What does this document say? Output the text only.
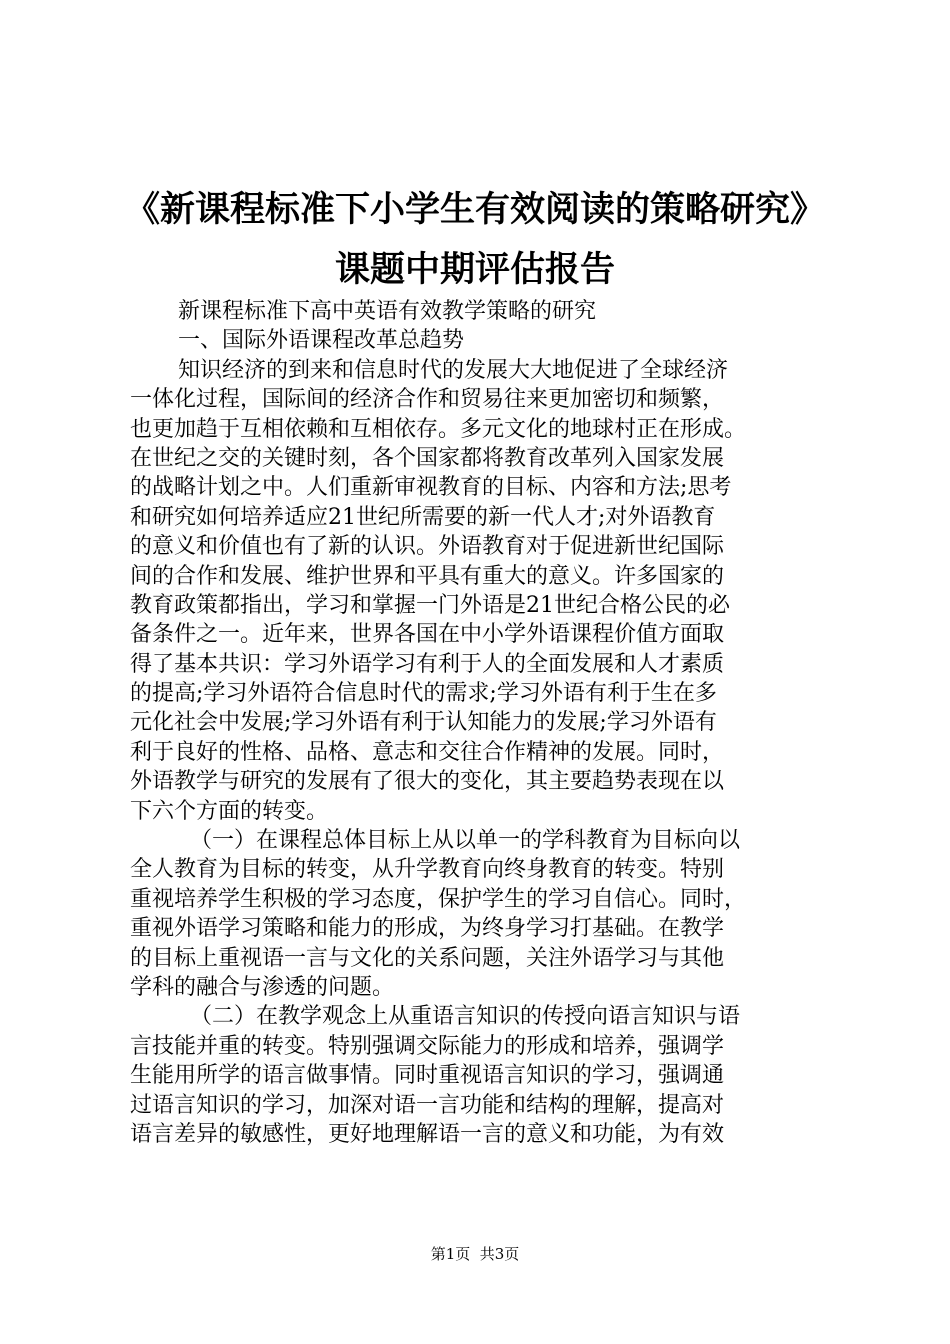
《新课程标准下小学生有效阅读的策略研究》
课题中期评估报告
新课程标准下高中英语有效教学策略的研究
一、国际外语课程改革总趋势
知识经济的到来和信息时代的发展大大地促进了全球经济
一体化过程，国际间的经济合作和贸易往来更加密切和频繁，
也更加趋于互相依赖和互相依存。多元文化的地球村正在形成。
在世纪之交的关键时刻，各个国家都将教育改革列入国家发展
的战略计划之中。人们重新审视教育的目标、内容和方法;思考
和研究如何培养适应21世纪所需要的新一代人才;对外语教育
的意义和价值也有了新的认识。外语教育对于促进新世纪国际
间的合作和发展、维护世界和平具有重大的意义。许多国家的
教育政策都指出，学习和掌握一门外语是21世纪合格公民的必
备条件之一。近年来，世界各国在中小学外语课程价值方面取
得了基本共识：学习外语学习有利于人的全面发展和人才素质
的提高;学习外语符合信息时代的需求;学习外语有利于生在多
元化社会中发展;学习外语有利于认知能力的发展;学习外语有
利于良好的性格、品格、意志和交往合作精神的发展。同时，
外语教学与研究的发展有了很大的变化，其主要趋势表现在以
下六个方面的转变。
（一）在课程总体目标上从以单一的学科教育为目标向以
全人教育为目标的转变，从升学教育向终身教育的转变。特别
重视培养学生积极的学习态度，保护学生的学习自信心。同时，
重视外语学习策略和能力的形成，为终身学习打基础。在教学
的目标上重视语一言与文化的关系问题，关注外语学习与其他
学科的融合与渗透的问题。
（二）在教学观念上从重语言知识的传授向语言知识与语
言技能并重的转变。特别强调交际能力的形成和培养，强调学
生能用所学的语言做事情。同时重视语言知识的学习，强调通
过语言知识的学习，加深对语一言功能和结构的理解，提高对
语言差异的敏感性，更好地理解语一言的意义和功能，为有效
第1页  共3页
